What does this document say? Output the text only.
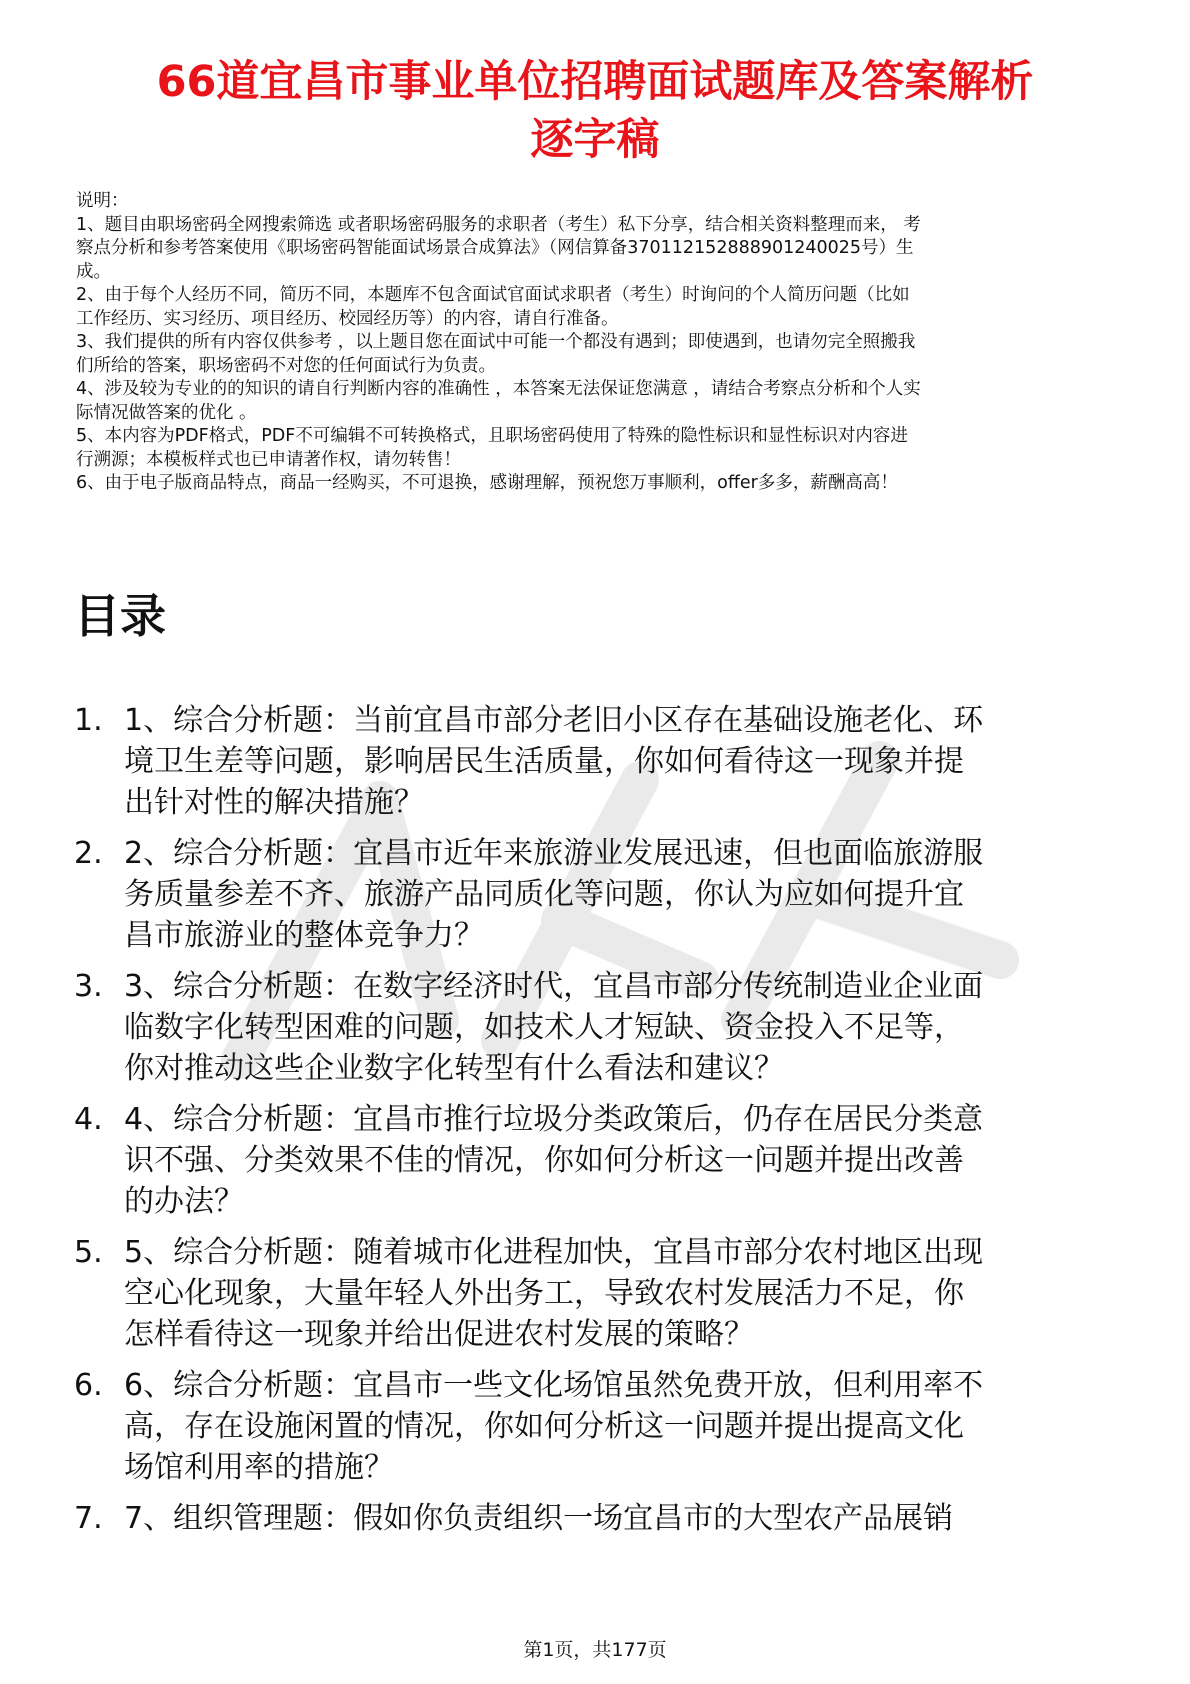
66道宜昌市事业单位招聘面试题库及答案解析
逐字稿
说明：
1、题目由职场密码全网搜索筛选 或者职场密码服务的求职者（考生）私下分享，结合相关资料整理而来， 考
察点分析和参考答案使用《职场密码智能面试场景合成算法》（网信算备370112152888901240025号）生
成。
2、由于每个人经历不同，简历不同，本题库不包含面试官面试求职者（考生）时询问的个人简历问题（比如
工作经历、实习经历、项目经历、校园经历等）的内容，请自行准备。
3、我们提供的所有内容仅供参考 ，以上题目您在面试中可能一个都没有遇到；即使遇到，也请勿完全照搬我
们所给的答案，职场密码不对您的任何面试行为负责。
4、涉及较为专业的的知识的请自行判断内容的准确性 ，本答案无法保证您满意 ，请结合考察点分析和个人实
际情况做答案的优化 。
5、本内容为PDF格式，PDF不可编辑不可转换格式，且职场密码使用了特殊的隐性标识和显性标识对内容进
行溯源；本模板样式也已申请著作权，请勿转售！
6、由于电子版商品特点，商品一经购买，不可退换，感谢理解，预祝您万事顺利，offer多多，薪酬高高！
目录
1. 1、综合分析题：当前宜昌市部分老旧小区存在基础设施老化、环
境卫生差等问题，影响居民生活质量，你如何看待这一现象并提
出针对性的解决措施？
2. 2、综合分析题：宜昌市近年来旅游业发展迅速，但也面临旅游服
务质量参差不齐、旅游产品同质化等问题，你认为应如何提升宜
昌市旅游业的整体竞争力？
3. 3、综合分析题：在数字经济时代，宜昌市部分传统制造业企业面
临数字化转型困难的问题，如技术人才短缺、资金投入不足等，
你对推动这些企业数字化转型有什么看法和建议？
4. 4、综合分析题：宜昌市推行垃圾分类政策后，仍存在居民分类意
识不强、分类效果不佳的情况，你如何分析这一问题并提出改善
的办法？
5. 5、综合分析题：随着城市化进程加快，宜昌市部分农村地区出现
空心化现象，大量年轻人外出务工，导致农村发展活力不足，你
怎样看待这一现象并给出促进农村发展的策略？
6. 6、综合分析题：宜昌市一些文化场馆虽然免费开放，但利用率不
高，存在设施闲置的情况，你如何分析这一问题并提出提高文化
场馆利用率的措施？
7. 7、组织管理题：假如你负责组织一场宜昌市的大型农产品展销
第1页，共177页
